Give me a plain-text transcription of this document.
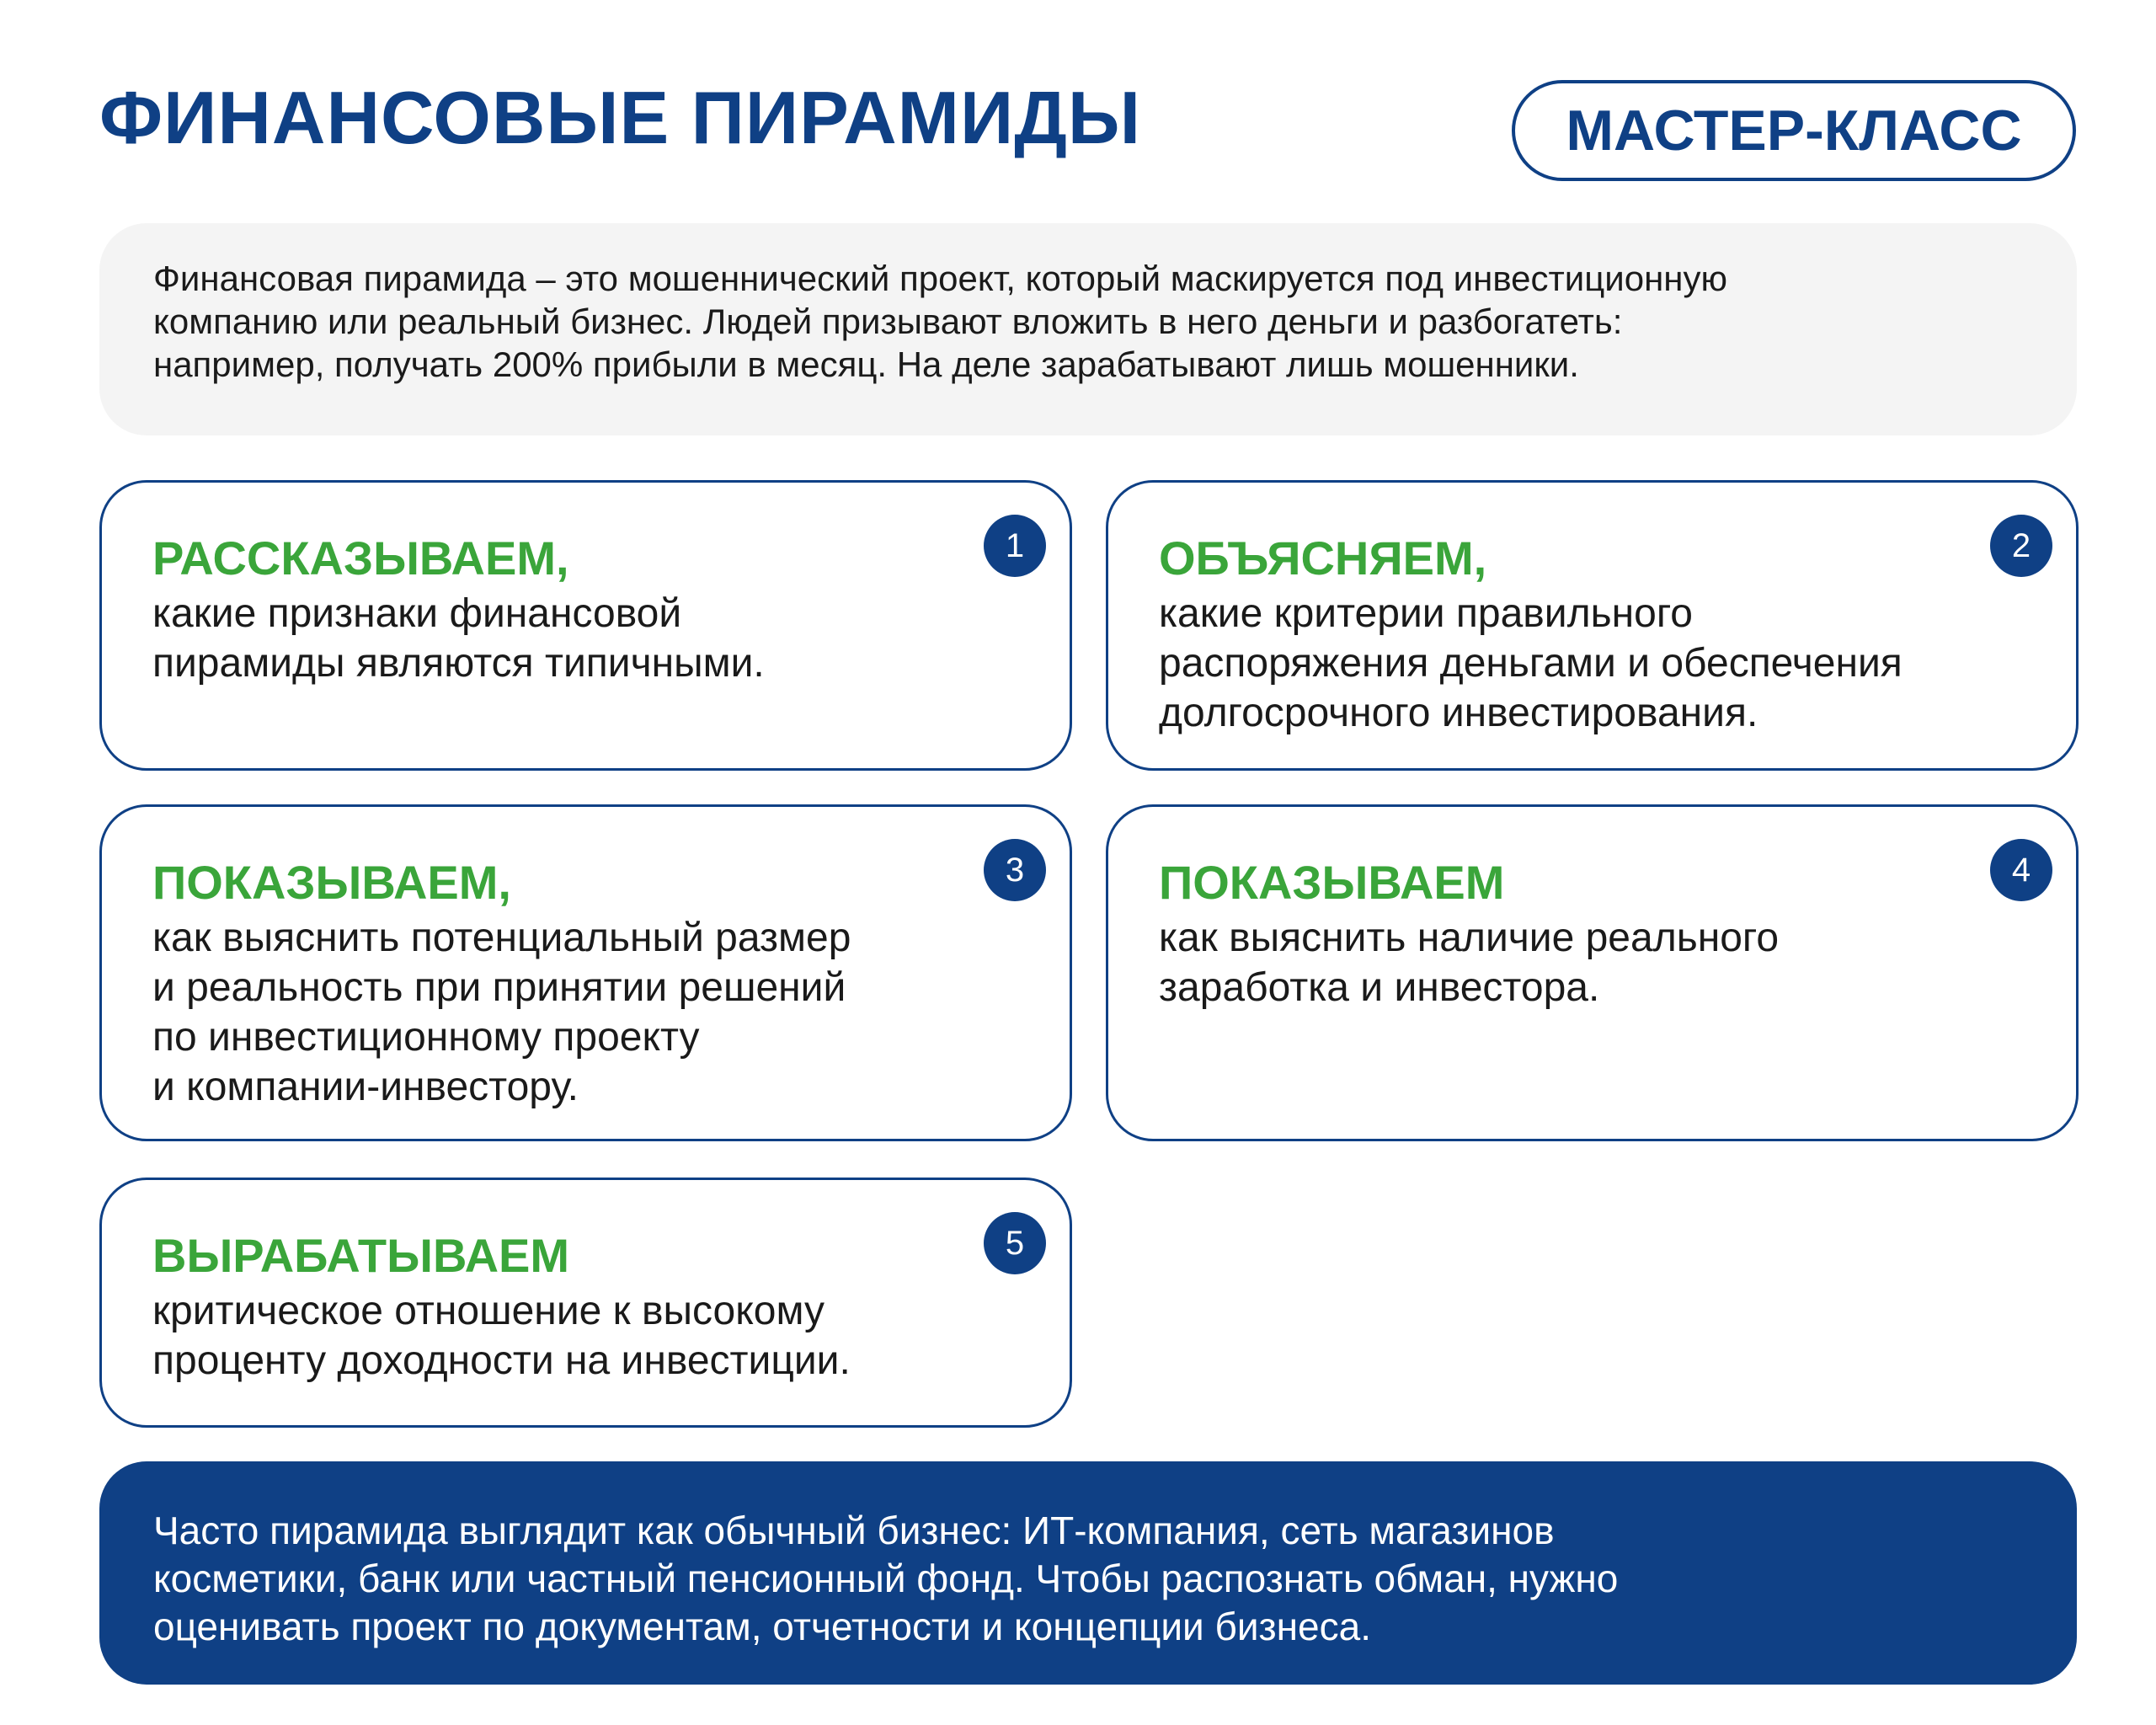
ФИНАНСОВЫЕ ПИРАМИДЫ	МАСТЕР-КЛАСС

Финансовая пирамида – это мошеннический проект, который маскируется под инвестиционную

компанию или реальный бизнес. Людей призывают вложить в него деньги и разбогатеть:

например, получать 200% прибыли в месяц. На деле зарабатывают лишь мошенники.

1
РАССКАЗЫВАЕМ,
какие признаки финансовой
пирамиды являются типичными.
2
ОБЪЯСНЯЕМ,
какие критерии правильного
распоряжения деньгами и обеспечения
долгосрочного инвестирования.
3
ПОКАЗЫВАЕМ,
как выяснить потенциальный размер
и реальность при принятии решений
по инвестиционному проекту
и компании-инвестору.
4
ПОКАЗЫВАЕМ
как выяснить наличие реального
заработка и инвестора.
5
ВЫРАБАТЫВАЕМ
критическое отношение к высокому
проценту доходности на инвестиции.

Часто пирамида выглядит как обычный бизнес: ИТ-компания, сеть магазинов

косметики, банк или частный пенсионный фонд. Чтобы распознать обман, нужно

оценивать проект по документам, отчетности и концепции бизнеса.
